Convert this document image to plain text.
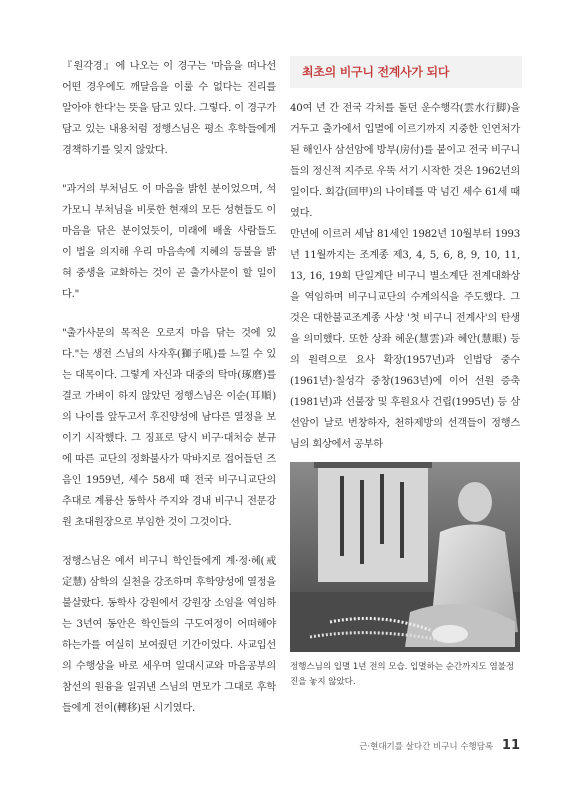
『원각경』에 나오는 이 경구는 '마음을 떠나선 어떤 경우에도 깨달음을 이룰 수 없다는 진리를 알아야 한다'는 뜻을 담고 있다. 그렇다. 이 경구가 담고 있는 내용처럼 정행스님은 평소 후학들에게 경책하기를 잊지 않았다.

"과거의 부처님도 이 마음을 밝힌 분이었으며, 석가모니 부처님을 비롯한 현재의 모든 성현들도 이 마음을 닦은 분이었듯이, 미래에 배울 사람들도 이 법을 의지해 우리 마음속에 지혜의 등불을 밝혀 중생을 교화하는 것이 곧 출가사문이 할 일이다."

"출가사문의 목적은 오로지 마음 닦는 것에 있다."는 생전 스님의 사자후(獅子吼)를 느낄 수 있는 대목이다. 그렇게 자신과 대중의 탁마(琢磨)를 결코 가벼이 하지 않았던 정행스님은 이순(耳順)의 나이를 앞두고서 후진양성에 남다른 열정을 보이기 시작했다. 그 징표로 당시 비구·대처승 분규에 따른 교단의 정화불사가 막바지로 접어들던 즈음인 1959년, 세수 58세 때 전국 비구니교단의 추대로 계룡산 동학사 주지와 경내 비구니 전문강원 초대원장으로 부임한 것이 그것이다.

정행스님은 예서 비구니 학인들에게 계·정·혜(戒定慧) 삼학의 실천을 강조하며 후학양성에 열정을 불살랐다. 동학사 강원에서 강원장 소임을 역임하는 3년여 동안은 학인들의 구도여정이 어떠해야 하는가를 여실히 보여줬던 기간이었다. 사교입선의 수행상을 바로 세우며 일대시교와 마음공부의 참선의 원융을 일궈낸 스님의 면모가 그대로 후학들에게 전이(轉移)된 시기였다.

최초의 비구니 전계사가 되다

40여 년 간 전국 각처를 돌던 운수행각(雲水行脚)을 거두고 출가에서 입멸에 이르기까지 지중한 인연처가 된 해인사 삼선암에 방부(房付)를 붙이고 전국 비구니들의 정신적 지주로 우뚝 서기 시작한 것은 1962년의 일이다. 회갑(回甲)의 나이테를 막 넘긴 세수 61세 때였다.

만년에 이르러 세납 81세인 1982년 10월부터 1993년 11월까지는 조계종 제3, 4, 5, 6, 8, 9, 10, 11, 13, 16, 19회 단일계단 비구니 별소계단 전계대화상을 역임하며 비구니교단의 수계의식을 주도했다. 그것은 대한불교조계종 사상 '첫 비구니 전계사'의 탄생을 의미했다. 또한 상좌 혜운(慧雲)과 혜안(慧眼) 등의 원력으로 요사 확장(1957년)과 인법당 중수(1961년)·칠성각 중창(1963년)에 이어 선원 증축(1981년)과 선불장 및 후원요사 건립(1995년) 등 삼선암이 날로 번창하자, 천하제방의 선객들이 정행스님의 회상에서 공부하

정행스님의 입멸 1년 전의 모습. 입멸하는 순간까지도 염불정진을 놓지 않았다.
근·현대기를 살다간 비구니 수행담록 11
